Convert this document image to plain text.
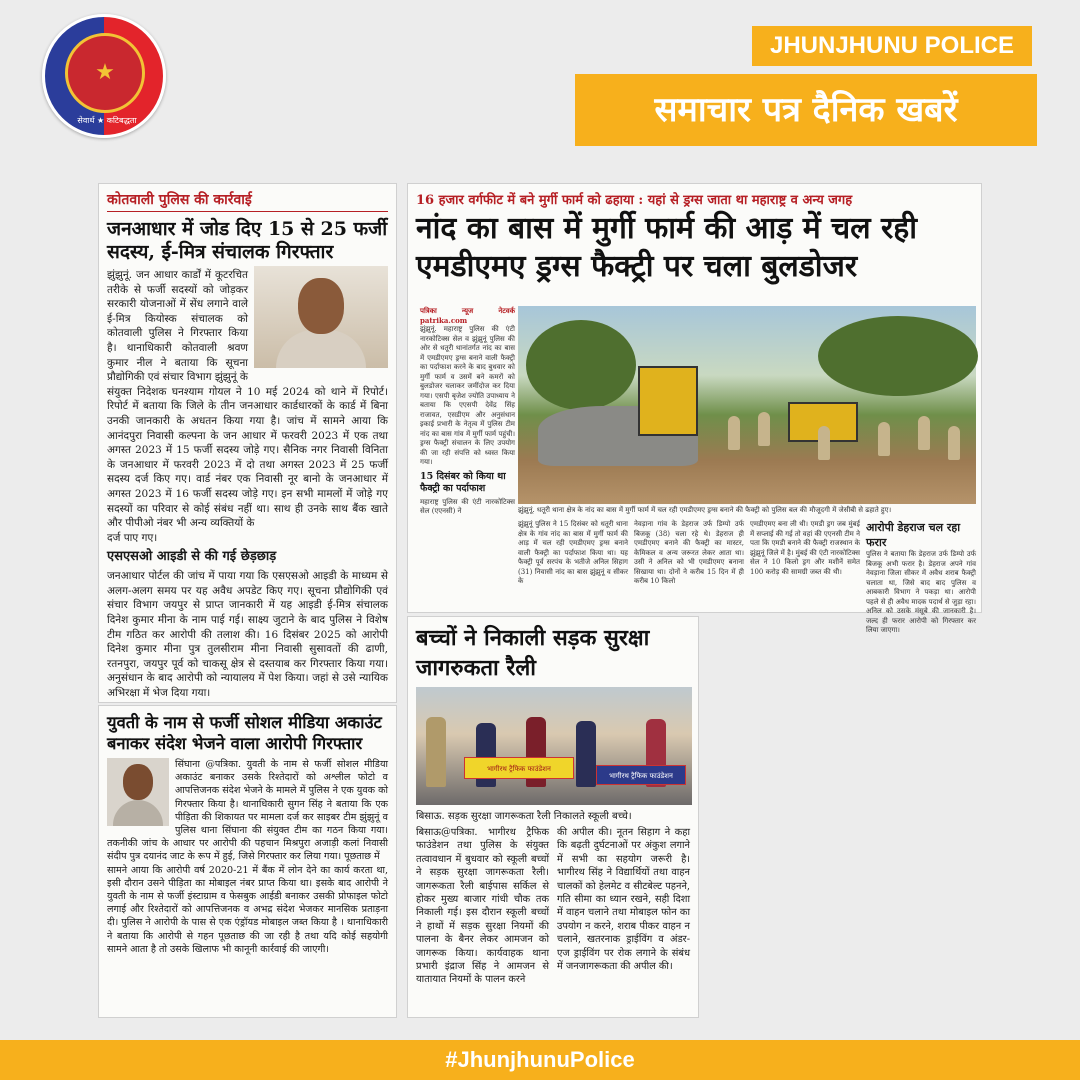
★
सेवार्थ ★ कटिबद्धता
JHUNJHUNU POLICE
समाचार पत्र दैनिक खबरें
कोतवाली पुलिस की कार्रवाई
जनआधार में जोड दिए 15 से 25 फर्जी सदस्य, ई-मित्र संचालक गिरफ्तार
झुंझुनूं. जन आधार कार्डों में कूटरचित तरीके से फर्जी सदस्यों को जोड़कर सरकारी योजनाओं में सेंध लगाने वाले ई-मित्र कियोस्क संचालक को कोतवाली पुलिस ने गिरफ्तार किया है। थानाधिकारी कोतवाली श्रवण कुमार नील ने बताया कि सूचना प्रौद्योगिकी एवं संचार विभाग झुंझुनूं के संयुक्त निदेशक घनश्याम गोयल ने 10 मई 2024 को थाने में रिपोर्ट। रिपोर्ट में बताया कि जिले के तीन जनआधार कार्डधारकों के कार्ड में बिना उनकी जानकारी के अधतन किया गया है। जांच में सामने आया कि आनंदपुरा निवासी कल्पना के जन आधार में फरवरी 2023 में एक तथा अगस्त 2023 में 15 फर्जी सदस्य जोड़े गए। सैनिक नगर निवासी विनिता के जनआधार में फरवरी 2023 में दो तथा अगस्त 2023 में 25 फर्जी सदस्य दर्ज किए गए। वार्ड नंबर एक निवासी नूर बानो के जनआधार में अगस्त 2023 में 16 फर्जी सदस्य जोड़े गए। इन सभी मामलों में जोड़े गए सदस्यों का परिवार से कोई संबंध नहीं था। साथ ही उनके साथ बैंक खाते और पीपीओ नंबर भी अन्य व्यक्तियों के
दर्ज पाए गए।
एसएसओ आइडी से की गई छेड़छाड़
जनआधार पोर्टल की जांच में पाया गया कि एसएसओ आइडी के माध्यम से अलग-अलग समय पर यह अवैध अपडेट किए गए। सूचना प्रौद्योगिकी एवं संचार विभाग जयपुर से प्राप्त जानकारी में यह आइडी ई-मित्र संचालक दिनेश कुमार मीना के नाम पाई गई। साक्ष्य जुटाने के बाद पुलिस ने विशेष टीम गठित कर आरोपी की तलाश की। 16 दिसंबर 2025 को आरोपी दिनेश कुमार मीना पुत्र तुलसीराम मीना निवासी सुसावतों की ढाणी, रतनपुरा, जयपुर पूर्व को चाकसू क्षेत्र से दस्तयाब कर गिरफ्तार किया गया। अनुसंधान के बाद आरोपी को न्यायालय में पेश किया। जहां से उसे न्यायिक अभिरक्षा में भेज दिया गया।
युवती के नाम से फर्जी सोशल मीडिया अकाउंट बनाकर संदेश भेजने वाला आरोपी गिरफ्तार
सिंघाना @पत्रिका. युवती के नाम से फर्जी सोशल मीडिया अकाउंट बनाकर उसके रिश्तेदारों को अश्लील फोटो व आपत्तिजनक संदेश भेजने के मामले में पुलिस ने एक युवक को गिरफ्तार किया है। थानाधिकारी सुगन सिंह ने बताया कि एक पीड़िता की शिकायत पर मामला दर्ज कर साइबर टीम झुंझुनूं व पुलिस थाना सिंघाना की संयुक्त टीम का गठन किया गया। तकनीकी जांच के आधार पर आरोपी की पहचान मिश्रपुरा अजाड़ी कलां निवासी संदीप पुत्र दयानंद जाट के रूप में हुई, जिसे गिरफ्तार कर लिया गया। पूछताछ में
सामने आया कि आरोपी वर्ष 2020-21 में बैंक में लोन देने का कार्य करता था, इसी दौरान उसने पीड़िता का मोबाइल नंबर प्राप्त किया था। इसके बाद आरोपी ने युवती के नाम से फर्जी इंस्टाग्राम व फेसबुक आईडी बनाकर उसकी प्रोफाइल फोटो लगाई और रिश्तेदारों को आपत्तिजनक व अभद्र संदेश भेजकर मानसिक प्रताड़ना दी। पुलिस ने आरोपी के पास से एक एंड्रॉयड मोबाइल जब्त किया है । थानाधिकारी ने बताया कि आरोपी से गहन पूछताछ की जा रही है तथा यदि कोई सहयोगी सामने आता है तो उसके खिलाफ भी कानूनी कार्रवाई की जाएगी।
16 हजार वर्गफीट में बने मुर्गी फार्म को ढहाया : यहां से ड्रग्स जाता था महाराष्ट्र व अन्य जगह
नांद का बास में मुर्गी फार्म की आड़ में चल रही एमडीएमए ड्रग्स फैक्ट्री पर चला बुलडोजर
पत्रिका न्यूज नेटवर्क patrika.com
झुंझुनूं. महाराष्ट्र पुलिस की एंटी नारकोटिक्स सेल व झुंझुनूं पुलिस की ओर से धतूरी थानांतर्गत नांद का बास में एमडीएमए ड्रग्स बनाने वाली फैक्ट्री का पर्दाफाश करने के बाद बुधवार को मुर्गी फार्म व उसमें बने कमरों को बुलडोजर चलाकर जमींदोज कर दिया गया। एसपी बृजेश ज्योति उपाध्याय ने बताया कि एएसपी देवेंद्र सिंह राजावत, एसडीएम और अनुसंधान इकाई प्रभारी के नेतृत्व में पुलिस टीम नांद का बास गांव में मुर्गी फार्म पहुंची। ड्रग्स फैक्ट्री संचालन के लिए उपयोग की जा रही संपत्ति को ध्वस्त किया गया।
15 दिसंबर को किया था फैक्ट्री का पर्दाफाश
महाराष्ट्र पुलिस की एंटी नारकोटिक्स सेल (एएनसी) ने	झुंझुनूं. धतूरी थाना क्षेत्र के नांद का बास में मुर्गी फार्म में चल रही एमडीएमए ड्रग्स बनाने की फैक्ट्री को पुलिस बल की मौजूदगी में जेसीबी से ढहाते हुए।
झुंझुनूं पुलिस ने 15 दिसंबर को धतूरी थाना क्षेत्र के गांव नांद का बास में मुर्गी फार्म की आड़ में चल रही एमडीएमए ड्रग्स बनाने वाली फैक्ट्री का पर्दाफाश किया था। यह फैक्ट्री पूर्व सरपंच के भतीजे अनिल सिहाग (31) निवासी नांद का बास झुंझुनूं व सीकर के
नेवड़ाना गांव के डेहराज उर्फ डिम्पो उर्फ बिजकू (38) चला रहे थे। डेहराज ही एमडीएमए बनाने की फैक्ट्री का मास्टर, केमिकल व अन्य जरूरत लेकर आता था। उसी ने अनिल को भी एमडीएमए बनाना सिखाया था। दोनों ने करीब 15 दिन में ही करीब 10 किलो
एमडीएमए बना ली थी। एमडी ड्रग जब मुंबई में सप्लाई की गई तो वहां की एएनसी टीम ने पता कि एमडी बनाने की फैक्ट्री राजस्थान के झुंझुनूं जिले में है। मुंबई की एंटी नारकोटिक्स सेल ने 10 किलो ड्रग और मशीनें समेत 100 करोड़ की सामग्री जब्त की थी।
आरोपी डेहराज चल रहा फरार
पुलिस ने बताया कि डेहराज उर्फ डिम्पो उर्फ बिजकू अभी फरार है। डेहराज अपने गांव नेवड़ाना जिला सीकर में अवैध शराब फैक्ट्री चलाता था, जिसे बाद बाद पुलिस व आबकारी विभाग ने पकड़ा था। आरोपी पहले से ही अवैध मादक पदार्थ से जुड़ा रहा। अनिल को उसके मंसूबे की जानकारी है। जल्द ही फरार आरोपी को गिरफ्तार कर लिया जाएगा।
बच्चों ने निकाली सड़क सुरक्षा जागरुकता रैली
भागीरथ ट्रैफिक फाउंडेशन
भागीरथ ट्रैफिक फाउंडेशन
बिसाऊ. सड़क सुरक्षा जागरूकता रैली निकालते स्कूली बच्चे।
बिसाऊ@पत्रिका. भागीरथ ट्रैफिक फाउंडेशन तथा पुलिस के संयुक्त तत्वावधान में बुधवार को स्कूली बच्चों ने सड़क सुरक्षा जागरूकता रैली। जागरूकता रैली बाईपास सर्किल से होकर मुख्य बाजार गांधी चौक तक निकाली गई। इस दौरान स्कूली बच्चों ने हाथों में सड़क सुरक्षा नियमों की पालना के बैनर लेकर आमजन को जागरूक किया। कार्यवाहक थाना प्रभारी इंद्राज सिंह ने आमजन से यातायात नियमों के पालन करने
की अपील की। नूतन सिहाग ने कहा कि बढ़ती दुर्घटनाओं पर अंकुश लगाने में सभी का सहयोग जरूरी है। भागीरथ सिंह ने विद्यार्थियों तथा वाहन चालकों को हेलमेट व सीटबेल्ट पहनने, गति सीमा का ध्यान रखने, सही दिशा में वाहन चलाने तथा मोबाइल फोन का उपयोग न करने, शराब पीकर वाहन न चलाने, खतरनाक ड्राईविंग व अंडर-एज ड्राईविंग पर रोक लगाने के संबंध में जनजागरूकता की अपील की।
#JhunjhunuPolice
